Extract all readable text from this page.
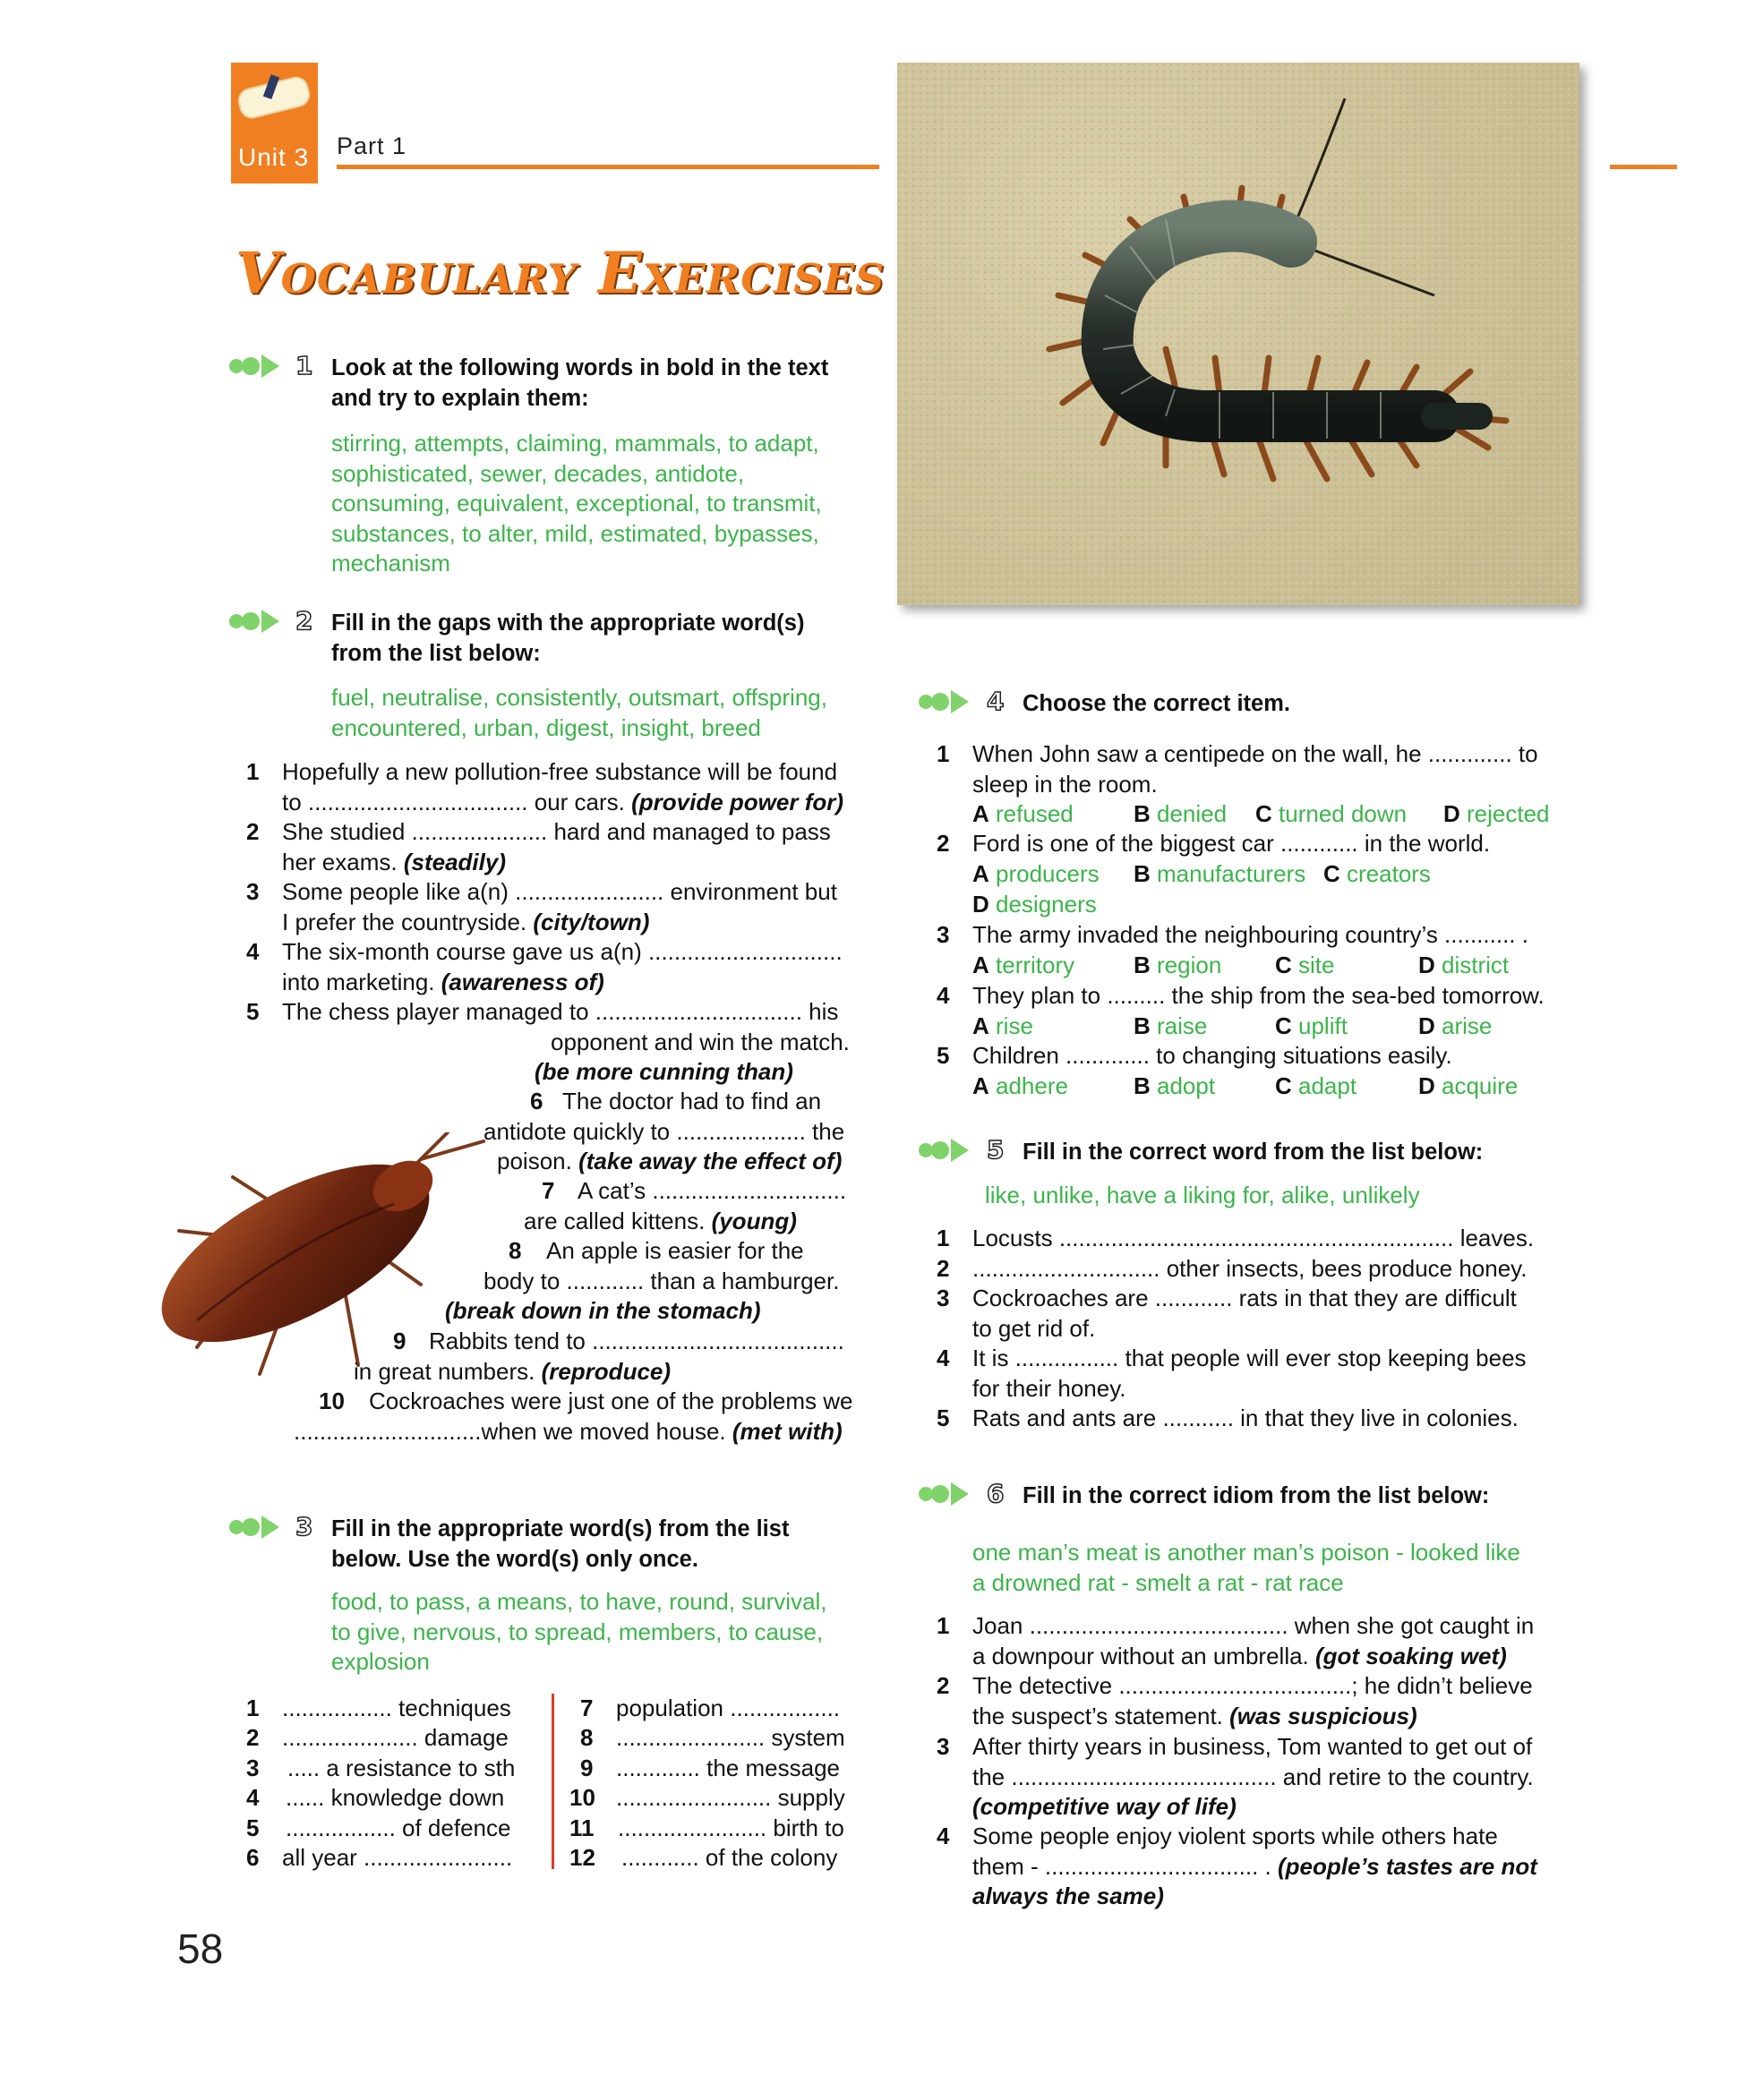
Unit 3 Part 1
Vocabulary Exercises
1 Look at the following words in bold in the text
and try to explain them:
stirring, attempts, claiming, mammals, to adapt,
sophisticated, sewer, decades, antidote,
consuming, equivalent, exceptional, to transmit,
substances, to alter, mild, estimated, bypasses,
mechanism
2 Fill in the gaps with the appropriate word(s)
from the list below:
fuel, neutralise, consistently, outsmart, offspring,
encountered, urban, digest, insight, breed
1 Hopefully a new pollution-free substance will be found
to .................................. our cars. (provide power for)
2 She studied ..................... hard and managed to pass
her exams. (steadily)
3 Some people like a(n) ....................... environment but
I prefer the countryside. (city/town)
4 The six-month course gave us a(n) ..............................
into marketing. (awareness of)
5 The chess player managed to ................................ his
opponent and win the match.
(be more cunning than)
6 The doctor had to find an
antidote quickly to .................... the
poison. (take away the effect of)
7 A cat’s ..............................
are called kittens. (young)
8 An apple is easier for the
body to ............ than a hamburger.
(break down in the stomach)
9 Rabbits tend to .......................................
in great numbers. (reproduce)
10 Cockroaches were just one of the problems we
.............................when we moved house. (met with)
3 Fill in the appropriate word(s) from the list
below. Use the word(s) only once.
food, to pass, a means, to have, round, survival,
to give, nervous, to spread, members, to cause,
explosion
1 ................. techniques
2 ..................... damage
3 ..... a resistance to sth
4 ...... knowledge down
5 ................. of defence
6 all year .......................
7 population .................
8 ....................... system
9 ............. the message
10 ........................ supply
11 ....................... birth to
12 ............ of the colony
4 Choose the correct item.
1 When John saw a centipede on the wall, he ............. to
sleep in the room.
A refused	B denied C turned down D rejected
2 Ford is one of the biggest car ............ in the world.
A producers B manufacturers C creators
D designers
3 The army invaded the neighbouring country’s ........... .
A territory	B region C site	D district
4 They plan to ......... the ship from the sea-bed tomorrow.
A rise	B raise	C uplift	D arise
5 Children ............. to changing situations easily.
A adhere	B adopt	C adapt	D acquire
5 Fill in the correct word from the list below:
like, unlike, have a liking for, alike, unlikely
1 Locusts ............................................................. leaves.
2 ............................. other insects, bees produce honey.
3 Cockroaches are ............ rats in that they are difficult
to get rid of.
4 It is ................ that people will ever stop keeping bees
for their honey.
5 Rats and ants are ........... in that they live in colonies.
6 Fill in the correct idiom from the list below:
one man’s meat is another man’s poison - looked like
a drowned rat - smelt a rat - rat race
1 Joan ........................................ when she got caught in
a downpour without an umbrella. (got soaking wet)
2 The detective ....................................; he didn’t believe
the suspect’s statement. (was suspicious)
3 After thirty years in business, Tom wanted to get out of
the ......................................... and retire to the country.
(competitive way of life)
4 Some people enjoy violent sports while others hate
them - ................................. . (people’s tastes are not
always the same)
58
